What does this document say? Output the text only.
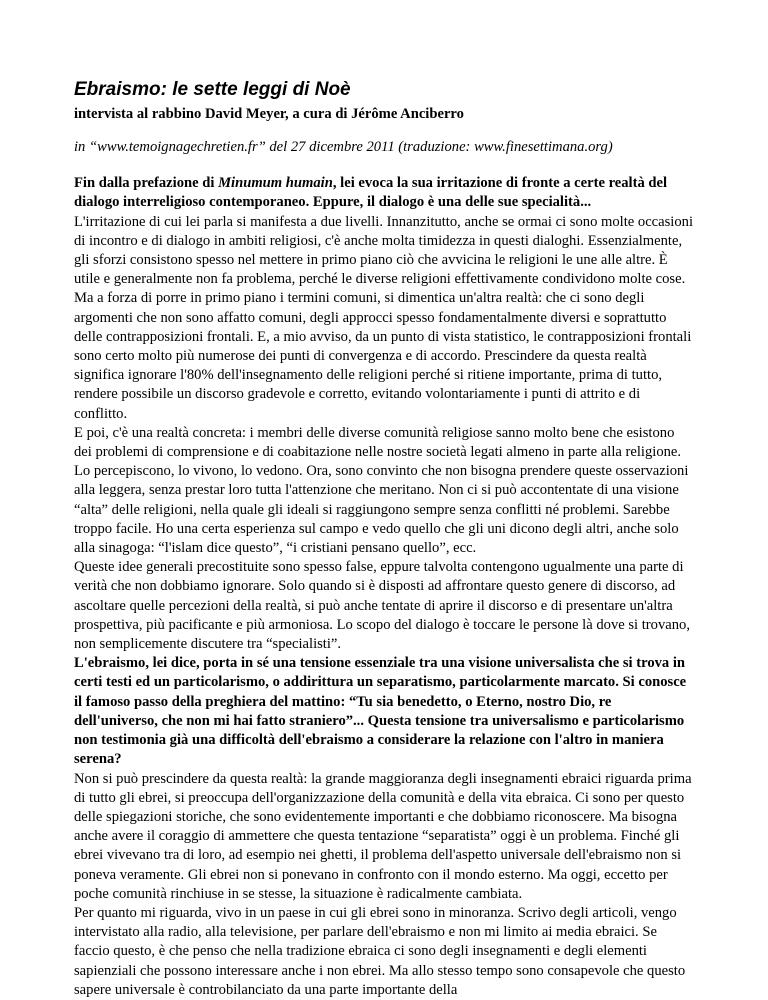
Ebraismo: le sette leggi di Noè
intervista al rabbino David Meyer, a cura di Jérôme Anciberro
in “www.temoignagechretien.fr” del 27 dicembre 2011 (traduzione: www.finesettimana.org)

Fin dalla prefazione di Minumum humain, lei evoca la sua irritazione di fronte a certe realtà del dialogo interreligioso contemporaneo. Eppure, il dialogo è una delle sue specialità...

L'irritazione di cui lei parla si manifesta a due livelli. Innanzitutto, anche se ormai ci sono molte occasioni di incontro e di dialogo in ambiti religiosi, c'è anche molta timidezza in questi dialoghi. Essenzialmente, gli sforzi consistono spesso nel mettere in primo piano ciò che avvicina le religioni le une alle altre. È utile e generalmente non fa problema, perché le diverse religioni effettivamente condividono molte cose.

Ma a forza di porre in primo piano i termini comuni, si dimentica un'altra realtà: che ci sono degli argomenti che non sono affatto comuni, degli approcci spesso fondamentalmente diversi e soprattutto delle contrapposizioni frontali. E, a mio avviso, da un punto di vista statistico, le contrapposizioni frontali sono certo molto più numerose dei punti di convergenza e di accordo. Prescindere da questa realtà significa ignorare l'80% dell'insegnamento delle religioni perché si ritiene importante, prima di tutto, rendere possibile un discorso gradevole e corretto, evitando volontariamente i punti di attrito e di conflitto.

E poi, c'è una realtà concreta: i membri delle diverse comunità religiose sanno molto bene che esistono dei problemi di comprensione e di coabitazione nelle nostre società legati almeno in parte alla religione. Lo percepiscono, lo vivono, lo vedono. Ora, sono convinto che non bisogna prendere queste osservazioni alla leggera, senza prestar loro tutta l'attenzione che meritano. Non ci si può accontentate di una visione “alta” delle religioni, nella quale gli ideali si raggiungono sempre senza conflitti né problemi. Sarebbe troppo facile. Ho una certa esperienza sul campo e vedo quello che gli uni dicono degli altri, anche solo alla sinagoga: “l'islam dice questo”, “i cristiani pensano quello”, ecc.

Queste idee generali precostituite sono spesso false, eppure talvolta contengono ugualmente una parte di verità che non dobbiamo ignorare. Solo quando si è disposti ad affrontare questo genere di discorso, ad ascoltare quelle percezioni della realtà, si può anche tentate di aprire il discorso e di presentare un'altra prospettiva, più pacificante e più armoniosa. Lo scopo del dialogo è toccare le persone là dove si trovano, non semplicemente discutere tra “specialisti”.

L'ebraismo, lei dice, porta in sé una tensione essenziale tra una visione universalista che si trova in certi testi ed un particolarismo, o addirittura un separatismo, particolarmente marcato. Si conosce il famoso passo della preghiera del mattino: “Tu sia benedetto, o Eterno, nostro Dio, re dell'universo, che non mi hai fatto straniero”... Questa tensione tra universalismo e particolarismo non testimonia già una difficoltà dell'ebraismo a considerare la relazione con l'altro in maniera serena?

Non si può prescindere da questa realtà: la grande maggioranza degli insegnamenti ebraici riguarda prima di tutto gli ebrei, si preoccupa dell'organizzazione della comunità e della vita ebraica. Ci sono per questo delle spiegazioni storiche, che sono evidentemente importanti e che dobbiamo riconoscere. Ma bisogna anche avere il coraggio di ammettere che questa tentazione “separatista” oggi è un problema. Finché gli ebrei vivevano tra di loro, ad esempio nei ghetti, il problema dell'aspetto universale dell'ebraismo non si poneva veramente. Gli ebrei non si ponevano in confronto con il mondo esterno. Ma oggi, eccetto per poche comunità rinchiuse in se stesse, la situazione è radicalmente cambiata.

Per quanto mi riguarda, vivo in un paese in cui gli ebrei sono in minoranza. Scrivo degli articoli, vengo intervistato alla radio, alla televisione, per parlare dell'ebraismo e non mi limito ai media ebraici. Se faccio questo, è che penso che nella tradizione ebraica ci sono degli insegnamenti e degli elementi sapienziali che possono interessare anche i non ebrei. Ma allo stesso tempo sono consapevole che questo sapere universale è controbilanciato da una parte importante della
